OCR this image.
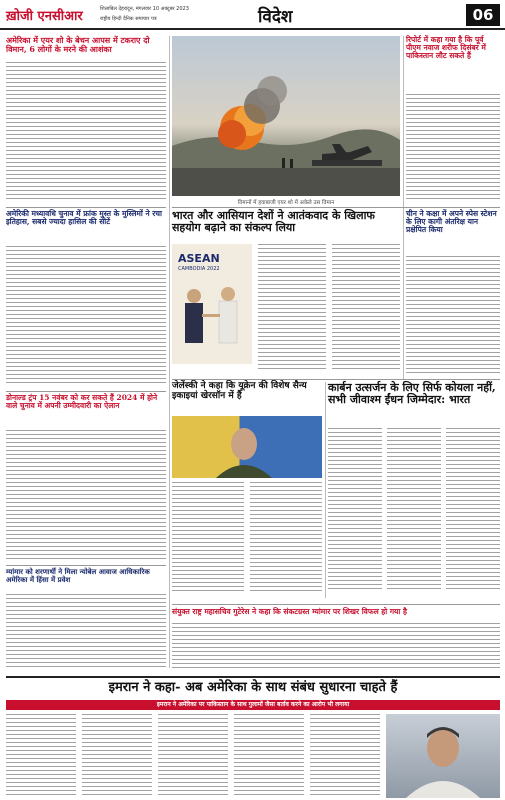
ख़ोजी एनसीआर	शिलाबिल देहरादून, मंगलवार 10 अक्टूबर 2023
राष्ट्रीय हिन्दी दैनिक समाचार पत्र	विदेश	06
अमेरिका में एयर शो के बेचन आपस में टकराए दो विमान, 6 लोगों के मरने की आशंका
अमेरिकी मध्यावधि चुनाव में फ्रांक मुस्त के मुस्लिमों ने रचा इतिहास, सबसे ज्यादा हासिल की सीटें
विमानों में हवाबाजी एयर शो में अकेले उस विमान
रिपोर्ट में कहा गया है कि पूर्व पीएम नवाज शरीफ दिसंबर में पाकिस्तान लौट सकते हैं
भारत और आसियान देशों ने आतंकवाद के खिलाफ सहयोग बढ़ाने का संकल्प लिया
ASEAN
CAMBODIA 2022
चीन ने कक्षा में अपने स्पेस स्टेशन के लिए कागी अंतरिक्ष यान प्रक्षेपित किया
डोनाल्ड ट्रंप 15 नवंबर को कर सकते हैं 2024 में होने वाले चुनाव में अपनी उम्मीदवारी का ऐलान
म्यांमार को शरणार्थी ने मिला न्योबेल आवाज आधिकारिक अमेरिका में हिंसा में प्रवेश
जेलेंस्की ने कहा कि यूक्रेन की विशेष सैन्य इकाइयां खेरसॉन में हैं
कार्बन उत्सर्जन के लिए सिर्फ कोयला नहीं, सभी जीवाश्म ईंधन जिम्मेदार: भारत
संयुक्त राष्ट्र महासचिव गुटेरेस ने कहा कि संकटग्रस्त म्यांमार पर शिखर विफल हो गया है
इमरान ने कहा- अब अमेरिका के साथ संबंध सुधारना चाहते हैं
इमरान ने अमेरिका पर पाकिस्तान के साथ गुलामों जैसा बर्ताव करने का आरोप भी लगाया
